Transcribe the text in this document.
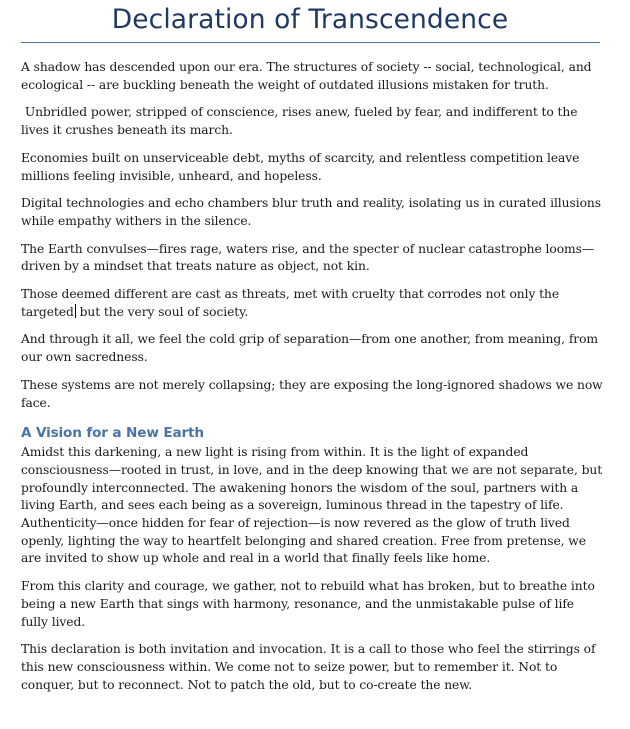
Declaration of Transcendence

A shadow has descended upon our era. The structures of society -- social, technological, and ecological -- are buckling beneath the weight of outdated illusions mistaken for truth.

Unbridled power, stripped of conscience, rises anew, fueled by fear, and indifferent to the lives it crushes beneath its march.

Economies built on unserviceable debt, myths of scarcity, and relentless competition leave millions feeling invisible, unheard, and hopeless.

Digital technologies and echo chambers blur truth and reality, isolating us in curated illusions while empathy withers in the silence.

The Earth convulses—fires rage, waters rise, and the specter of nuclear catastrophe looms—driven by a mindset that treats nature as object, not kin.

Those deemed different are cast as threats, met with cruelty that corrodes not only the targeted but the very soul of society.

And through it all, we feel the cold grip of separation—from one another, from meaning, from our own sacredness.

These systems are not merely collapsing; they are exposing the long-ignored shadows we now face.

A Vision for a New Earth

Amidst this darkening, a new light is rising from within. It is the light of expanded consciousness—rooted in trust, in love, and in the deep knowing that we are not separate, but profoundly interconnected. The awakening honors the wisdom of the soul, partners with a living Earth, and sees each being as a sovereign, luminous thread in the tapestry of life. Authenticity—once hidden for fear of rejection—is now revered as the glow of truth lived openly, lighting the way to heartfelt belonging and shared creation. Free from pretense, we are invited to show up whole and real in a world that finally feels like home.

From this clarity and courage, we gather, not to rebuild what has broken, but to breathe into being a new Earth that sings with harmony, resonance, and the unmistakable pulse of life fully lived.

This declaration is both invitation and invocation. It is a call to those who feel the stirrings of this new consciousness within. We come not to seize power, but to remember it. Not to conquer, but to reconnect. Not to patch the old, but to co-create the new.
